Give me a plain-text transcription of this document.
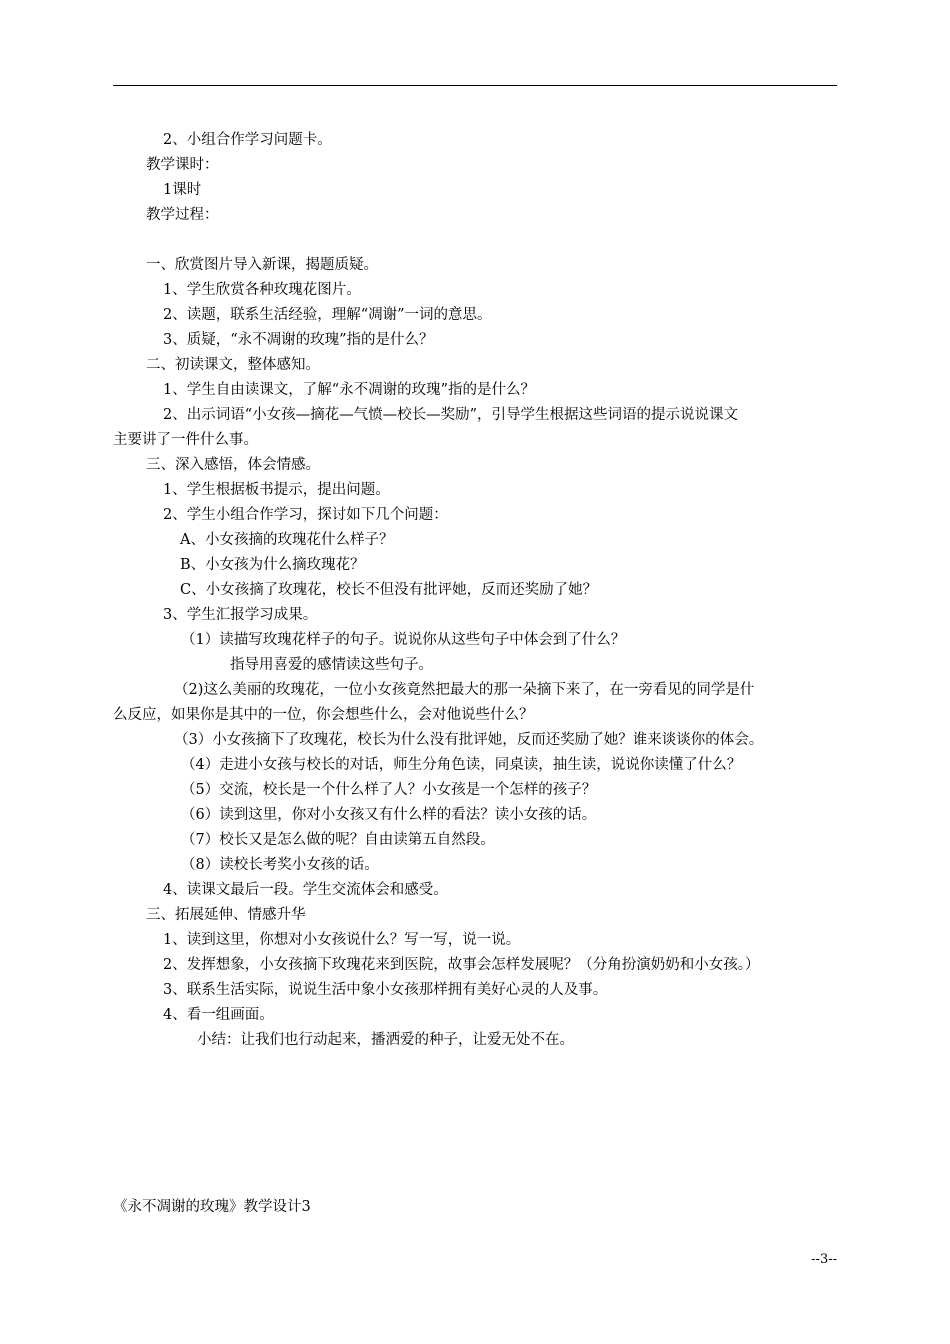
2、小组合作学习问题卡。
教学课时：
1课时
教学过程：
一、欣赏图片导入新课，揭题质疑。
1、学生欣赏各种玫瑰花图片。
2、读题，联系生活经验，理解“凋谢”一词的意思。
3、质疑，“永不凋谢的玫瑰”指的是什么？
二、初读课文，整体感知。
1、学生自由读课文，了解“永不凋谢的玫瑰”指的是什么？
2、出示词语“小女孩—摘花—气愤—校长—奖励”，引导学生根据这些词语的提示说说课文
主要讲了一件什么事。
三、深入感悟，体会情感。
1、学生根据板书提示，提出问题。
2、学生小组合作学习，探讨如下几个问题：
A、小女孩摘的玫瑰花什么样子？
B、小女孩为什么摘玫瑰花？
C、小女孩摘了玫瑰花，校长不但没有批评她，反而还奖励了她？
3、学生汇报学习成果。
（1）读描写玫瑰花样子的句子。说说你从这些句子中体会到了什么？
指导用喜爱的感情读这些句子。
（2)这么美丽的玫瑰花，一位小女孩竟然把最大的那一朵摘下来了，在一旁看见的同学是什
么反应，如果你是其中的一位，你会想些什么，会对他说些什么？
（3）小女孩摘下了玫瑰花，校长为什么没有批评她，反而还奖励了她？谁来谈谈你的体会。
（4）走进小女孩与校长的对话，师生分角色读，同桌读，抽生读，说说你读懂了什么？
（5）交流，校长是一个什么样了人？小女孩是一个怎样的孩子？
（6）读到这里，你对小女孩又有什么样的看法？读小女孩的话。
（7）校长又是怎么做的呢？自由读第五自然段。
（8）读校长考奖小女孩的话。
4、读课文最后一段。学生交流体会和感受。
三、拓展延伸、情感升华
1、读到这里，你想对小女孩说什么？写一写，说一说。
2、发挥想象，小女孩摘下玫瑰花来到医院，故事会怎样发展呢？（分角扮演奶奶和小女孩。）
3、联系生活实际，说说生活中象小女孩那样拥有美好心灵的人及事。
4、看一组画面。
小结：让我们也行动起来，播洒爱的种子，让爱无处不在。
《永不凋谢的玫瑰》教学设计3
--3--
